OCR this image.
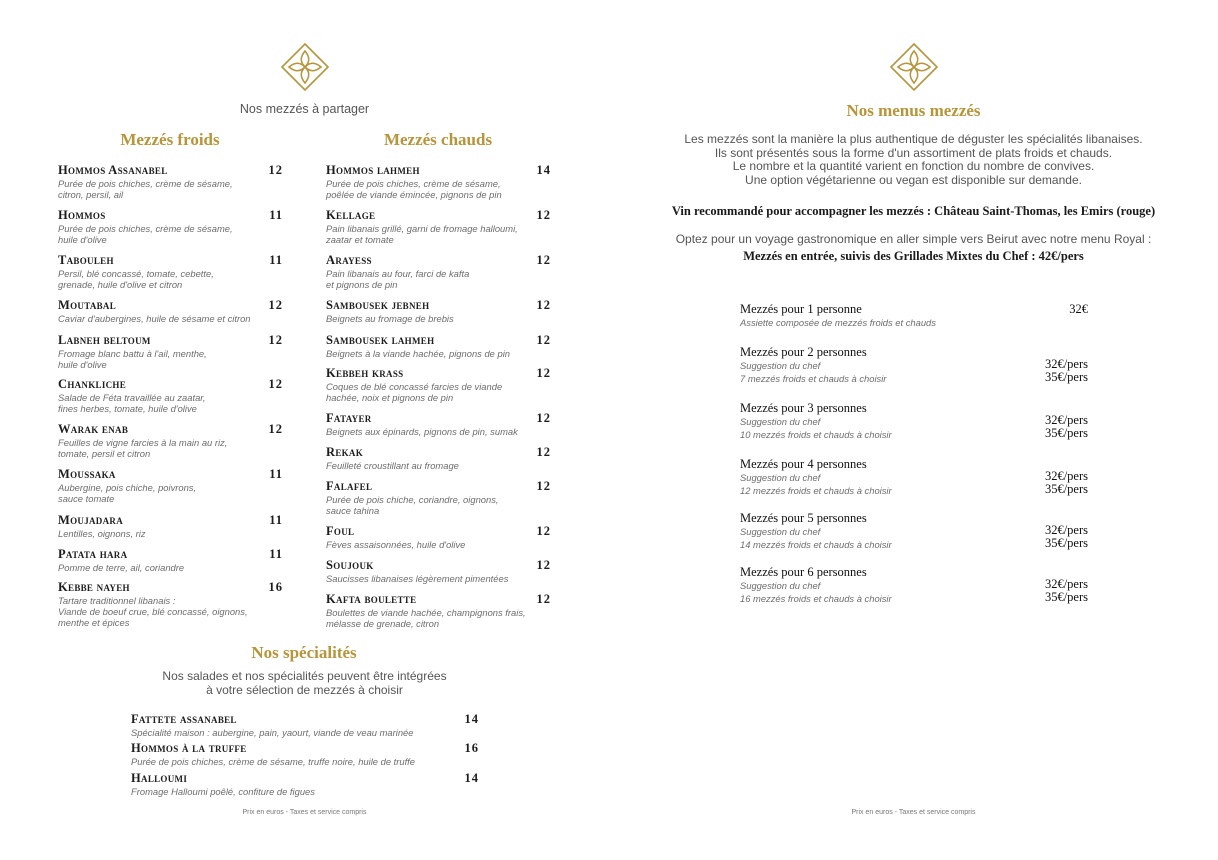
Nos mezzés à partager
Mezzés froids	Mezzés chauds
Hommos Assanabel	12
Purée de pois chiches, crème de sésame,
citron, persil, ail
Hommos	11
Purée de pois chiches, crème de sésame,
huile d'olive
Tabouleh	11
Persil, blé concassé, tomate, cebette,
grenade, huile d'olive et citron
Moutabal	12
Caviar d'aubergines, huile de sésame et citron
Labneh beltoum	12
Fromage blanc battu à l'ail, menthe,
huile d'olive
Chankliche	12
Salade de Féta travaillée au zaatar,
fines herbes, tomate, huile d'olive
Warak enab	12
Feuilles de vigne farcies à la main au riz,
tomate, persil et citron
Moussaka	11
Aubergine, pois chiche, poivrons,
sauce tomate
Moujadara	11
Lentilles, oignons, riz
Patata hara	11
Pomme de terre, ail, coriandre
Kebbe nayeh	16
Tartare traditionnel libanais :
Viande de boeuf crue, blé concassé, oignons,
menthe et épices
Hommos lahmeh	14
Purée de pois chiches, crème de sésame,
poêlée de viande émincée, pignons de pin
Kellage	12
Pain libanais grillé, garni de fromage halloumi,
zaatar et tomate
Arayess	12
Pain libanais au four, farci de kafta
et pignons de pin
Sambousek jebneh	12
Beignets au fromage de brebis
Sambousek lahmeh	12
Beignets à la viande hachée, pignons de pin
Kebbeh krass	12
Coques de blé concassé farcies de viande
hachée, noix et pignons de pin
Fatayer	12
Beignets aux épinards, pignons de pin, sumak
Rekak	12
Feuilleté croustillant au fromage
Falafel	12
Purée de pois chiche, coriandre, oignons,
sauce tahina
Foul	12
Fèves assaisonnées, huile d'olive
Soujouk	12
Saucisses libanaises légèrement pimentées
Kafta boulette	12
Boulettes de viande hachée, champignons frais,
mélasse de grenade, citron
Nos spécialités
Nos salades et nos spécialités peuvent être intégrées
à votre sélection de mezzés à choisir
Fattete assanabel	14
Spécialité maison : aubergine, pain, yaourt, viande de veau marinée
Hommos à la truffe	16
Purée de pois chiches, crème de sésame, truffe noire, huile de truffe
Halloumi	14
Fromage Halloumi poêlé, confiture de figues
Prix en euros - Taxes et service compris
Nos menus mezzés
Les mezzés sont la manière la plus authentique de déguster les spécialités libanaises.
Ils sont présentés sous la forme d'un assortiment de plats froids et chauds.
Le nombre et la quantité varient en fonction du nombre de convives.
Une option végétarienne ou vegan est disponible sur demande.
Vin recommandé pour accompagner les mezzés : Château Saint-Thomas, les Emirs (rouge)
Optez pour un voyage gastronomique en aller simple vers Beirut avec notre menu Royal :
Mezzés en entrée, suivis des Grillades Mixtes du Chef : 42€/pers
Mezzés pour 1 personne	32€
Assiette composée de mezzés froids et chauds
Mezzés pour 2 personnes
Suggestion du chef	32€/pers
7 mezzés froids et chauds à choisir	35€/pers
Mezzés pour 3 personnes
Suggestion du chef	32€/pers
10 mezzés froids et chauds à choisir	35€/pers
Mezzés pour 4 personnes
Suggestion du chef	32€/pers
12 mezzés froids et chauds à choisir	35€/pers
Mezzés pour 5 personnes
Suggestion du chef	32€/pers
14 mezzés froids et chauds à choisir	35€/pers
Mezzés pour 6 personnes
Suggestion du chef	32€/pers
16 mezzés froids et chauds à choisir	35€/pers
Prix en euros - Taxes et service compris
